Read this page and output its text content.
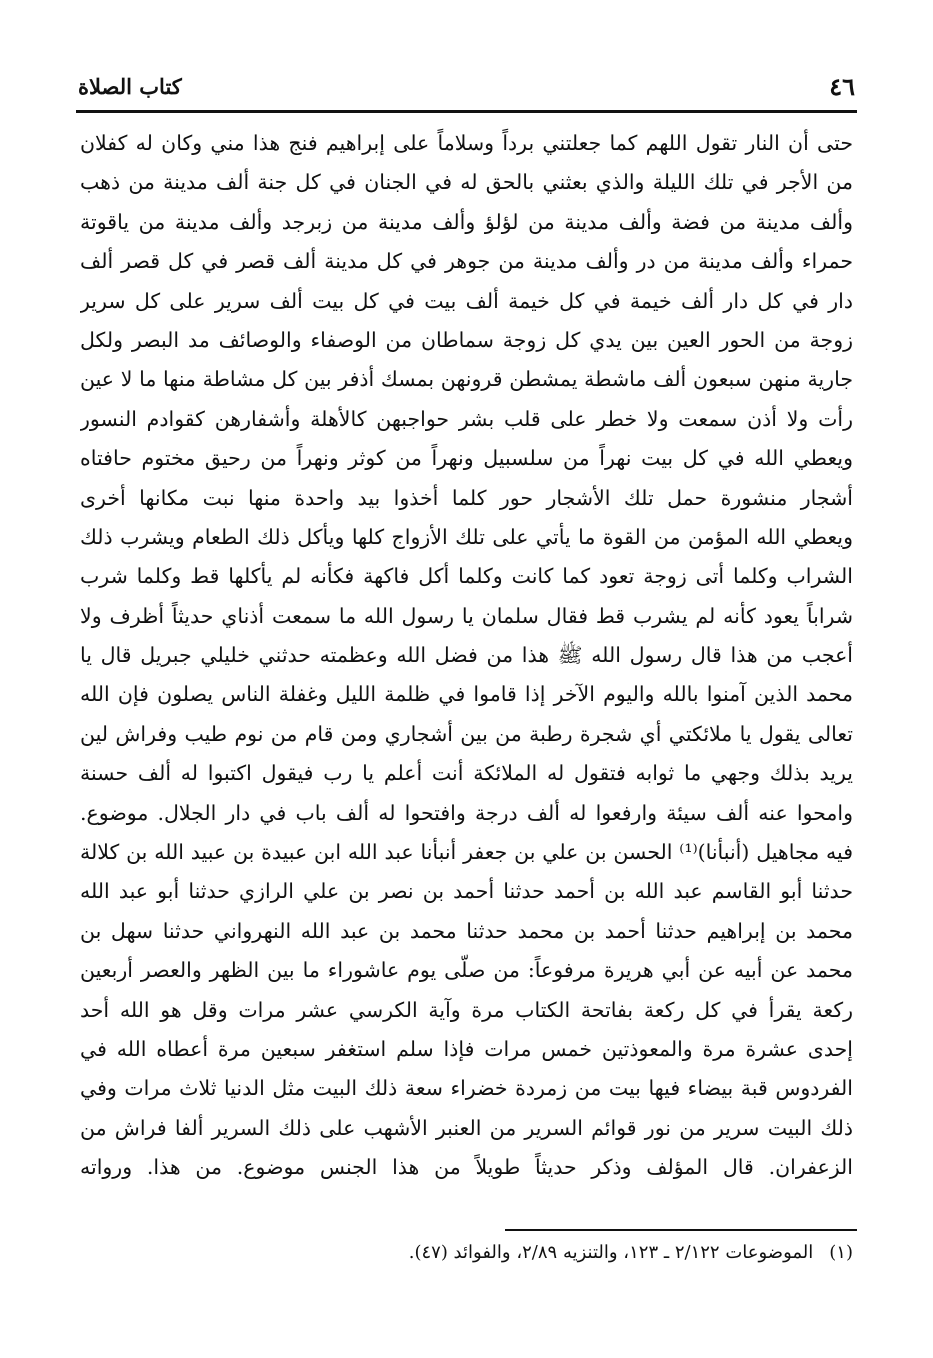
٤٦
كتاب الصلاة
حتى أن النار تقول اللهم كما جعلتني برداً وسلاماً على إبراهيم فنج هذا مني وكان له كفلان
من الأجر في تلك الليلة والذي بعثني بالحق له في الجنان في كل جنة ألف مدينة من ذهب
وألف مدينة من فضة وألف مدينة من لؤلؤ وألف مدينة من زبرجد وألف مدينة من ياقوتة
حمراء وألف مدينة من در وألف مدينة من جوهر في كل مدينة ألف قصر في كل قصر ألف
دار في كل دار ألف خيمة في كل خيمة ألف بيت في كل بيت ألف سرير على كل سرير
زوجة من الحور العين بين يدي كل زوجة سماطان من الوصفاء والوصائف مد البصر ولكل
جارية منهن سبعون ألف ماشطة يمشطن قرونهن بمسك أذفر بين كل مشاطة منها ما لا عين
رأت ولا أذن سمعت ولا خطر على قلب بشر حواجبهن كالأهلة وأشفارهن كقوادم النسور
ويعطي الله في كل بيت نهراً من سلسبيل ونهراً من كوثر ونهراً من رحيق مختوم حافتاه
أشجار منشورة حمل تلك الأشجار حور كلما أخذوا بيد واحدة منها نبت مكانها أخرى
ويعطي الله المؤمن من القوة ما يأتي على تلك الأزواج كلها ويأكل ذلك الطعام ويشرب ذلك
الشراب وكلما أتى زوجة تعود كما كانت وكلما أكل فاكهة فكأنه لم يأكلها قط وكلما شرب
شراباً يعود كأنه لم يشرب قط فقال سلمان يا رسول الله ما سمعت أذناي حديثاً أظرف ولا
أعجب من هذا قال رسول الله ﷺ هذا من فضل الله وعظمته حدثني خليلي جبريل قال يا
محمد الذين آمنوا بالله واليوم الآخر إذا قاموا في ظلمة الليل وغفلة الناس يصلون فإن الله
تعالى يقول يا ملائكتي أي شجرة رطبة من بين أشجاري ومن قام من نوم طيب وفراش لين
يريد بذلك وجهي ما ثوابه فتقول له الملائكة أنت أعلم يا رب فيقول اكتبوا له ألف حسنة
وامحوا عنه ألف سيئة وارفعوا له ألف درجة وافتحوا له ألف باب في دار الجلال. موضوع.
فيه مجاهيل (أنبأنا)⁽¹⁾ الحسن بن علي بن جعفر أنبأنا عبد الله ابن عبيدة بن عبيد الله بن كلالة
حدثنا أبو القاسم عبد الله بن أحمد حدثنا أحمد بن نصر بن علي الرازي حدثنا أبو عبد الله
محمد بن إبراهيم حدثنا أحمد بن محمد حدثنا محمد بن عبد الله النهرواني حدثنا سهل بن
محمد عن أبيه عن أبي هريرة مرفوعاً: من صلّى يوم عاشوراء ما بين الظهر والعصر أربعين
ركعة يقرأ في كل ركعة بفاتحة الكتاب مرة وآية الكرسي عشر مرات وقل هو الله أحد
إحدى عشرة مرة والمعوذتين خمس مرات فإذا سلم استغفر سبعين مرة أعطاه الله في
الفردوس قبة بيضاء فيها بيت من زمردة خضراء سعة ذلك البيت مثل الدنيا ثلاث مرات وفي
ذلك البيت سرير من نور قوائم السرير من العنبر الأشهب على ذلك السرير ألفا فراش من
الزعفران. قال المؤلف وذكر حديثاً طويلاً من هذا الجنس موضوع. من هذا. ورواته
(١)الموضوعات ٢/١٢٢ ـ ١٢٣، والتنزيه ٢/٨٩، والفوائد (٤٧).
